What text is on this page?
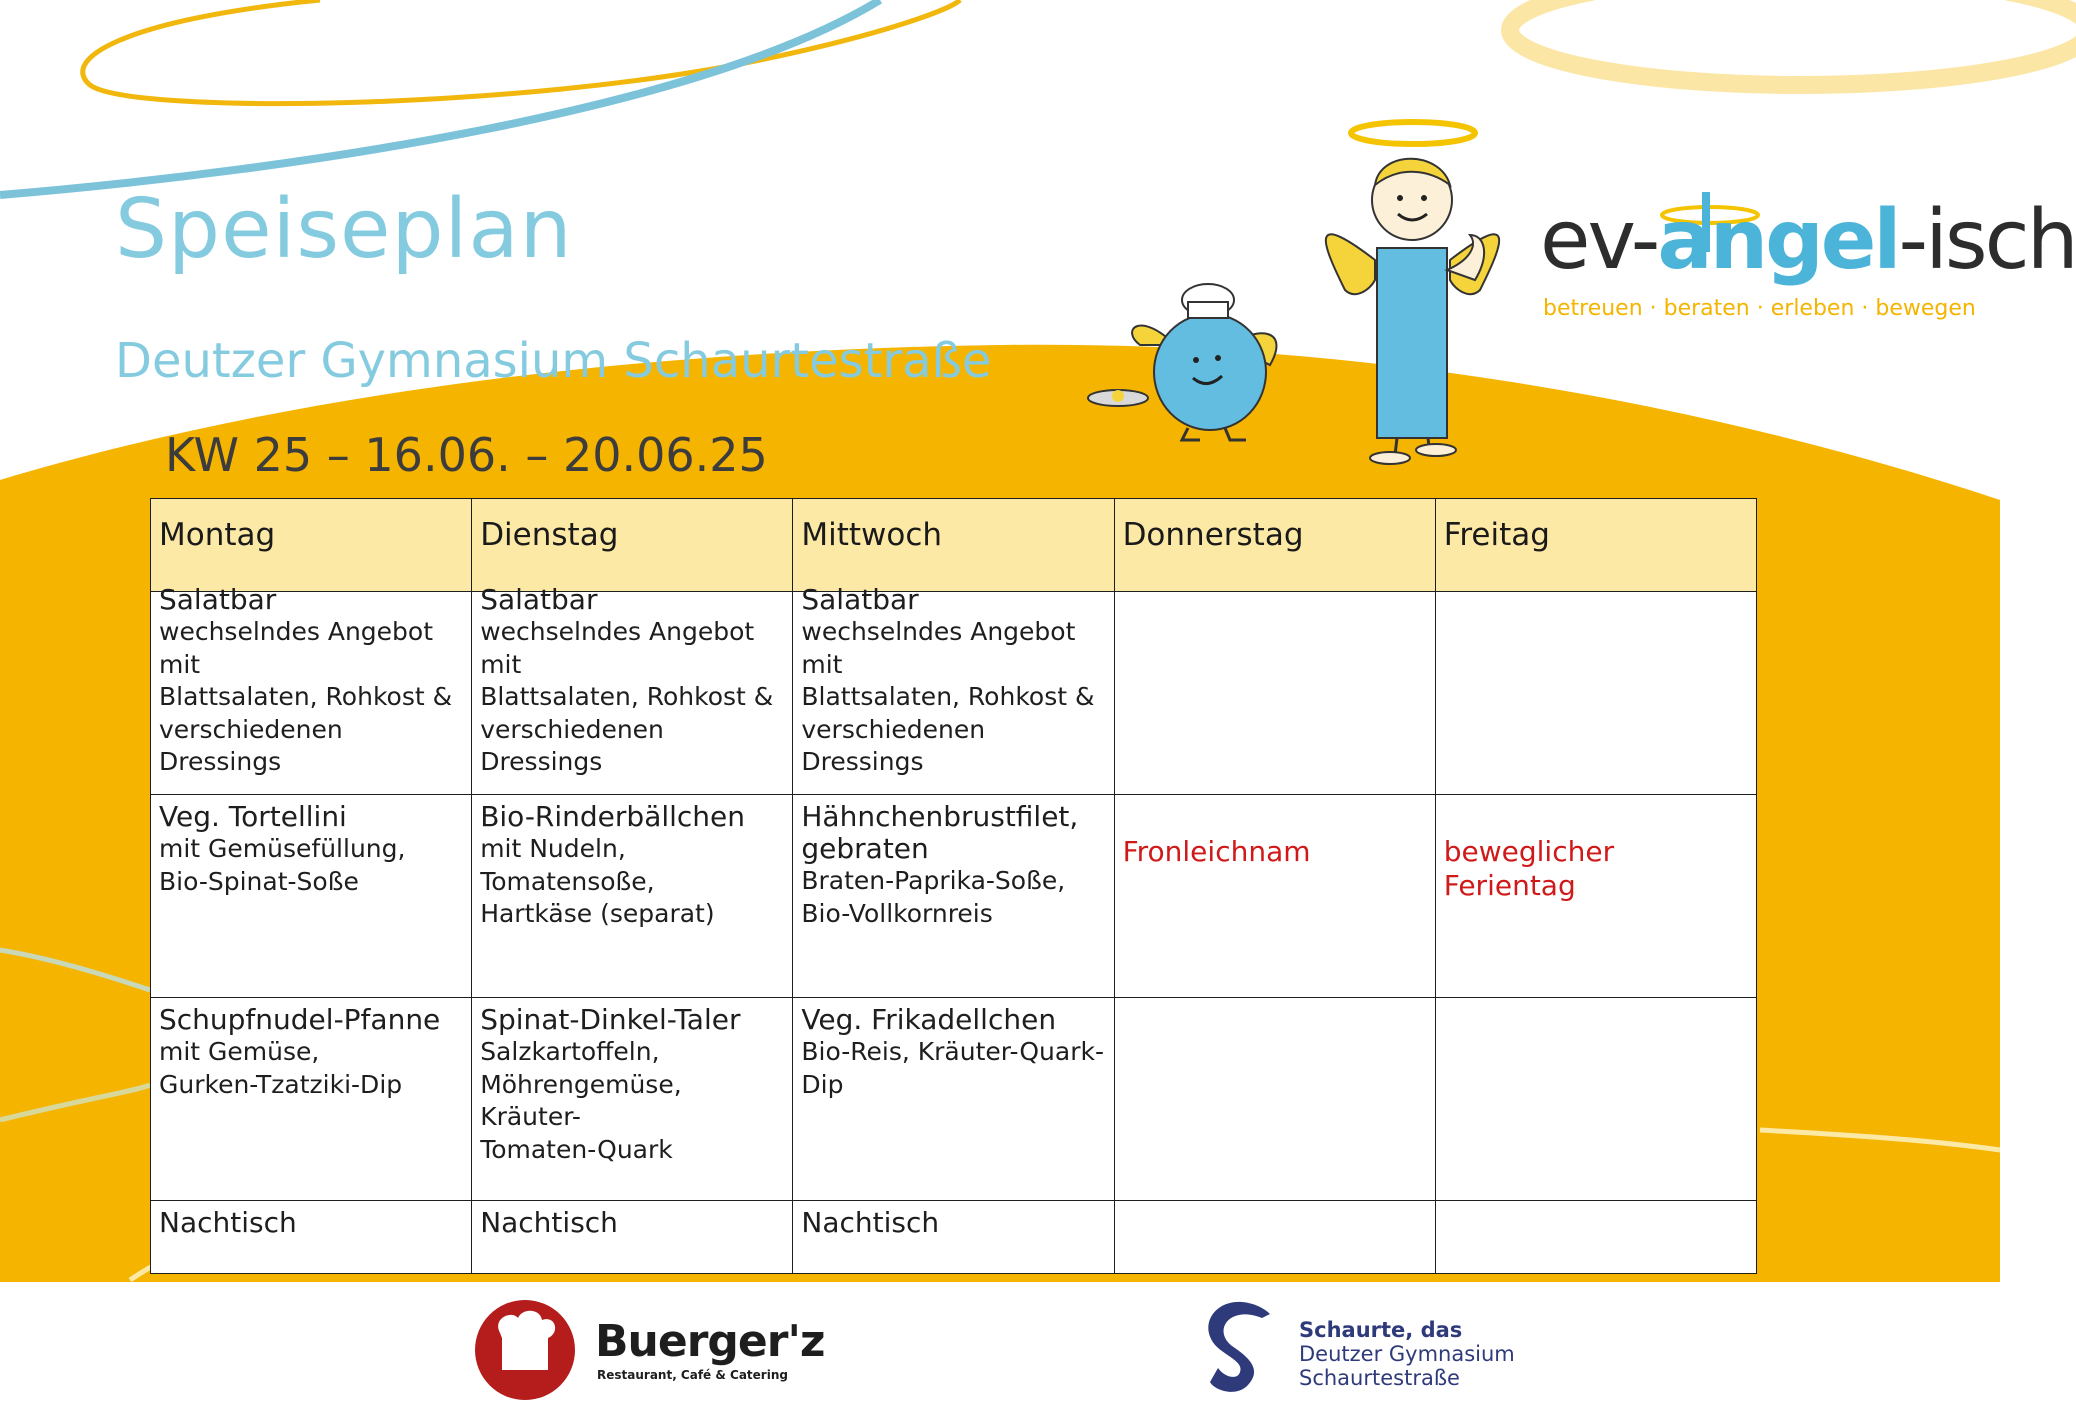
Speiseplan
Deutzer Gymnasium Schaurtestraße
KW 25 – 16.06. – 20.06.25
ev-angel-isch
betreuen · beraten · erleben · bewegen
Montag	Dienstag	Mittwoch	Donnerstag	Freitag

Salatbar
wechselndes Angebot mit
Blattsalaten, Rohkost &
verschiedenen Dressings	Salatbar
wechselndes Angebot mit
Blattsalaten, Rohkost &
verschiedenen Dressings	Salatbar
wechselndes Angebot mit
Blattsalaten, Rohkost &
verschiedenen Dressings		

Veg. Tortellini
mit Gemüsefüllung,
Bio-Spinat-Soße	Bio-Rinderbällchen
mit Nudeln, Tomatensoße,
Hartkäse (separat)	Hähnchenbrustfilet,
gebraten
Braten-Paprika-Soße,
Bio-Vollkornreis	Fronleichnam	beweglicher
Ferientag

Schupfnudel-Pfanne
mit Gemüse,
Gurken-Tzatziki-Dip	Spinat-Dinkel-Taler
Salzkartoffeln,
Möhrengemüse, Kräuter-
Tomaten-Quark	Veg. Frikadellchen
Bio-Reis, Kräuter-Quark-Dip		

Nachtisch	Nachtisch	Nachtisch		

Buerger'z
Restaurant, Café & Catering
Schaurte, das
Deutzer Gymnasium
Schaurtestraße
